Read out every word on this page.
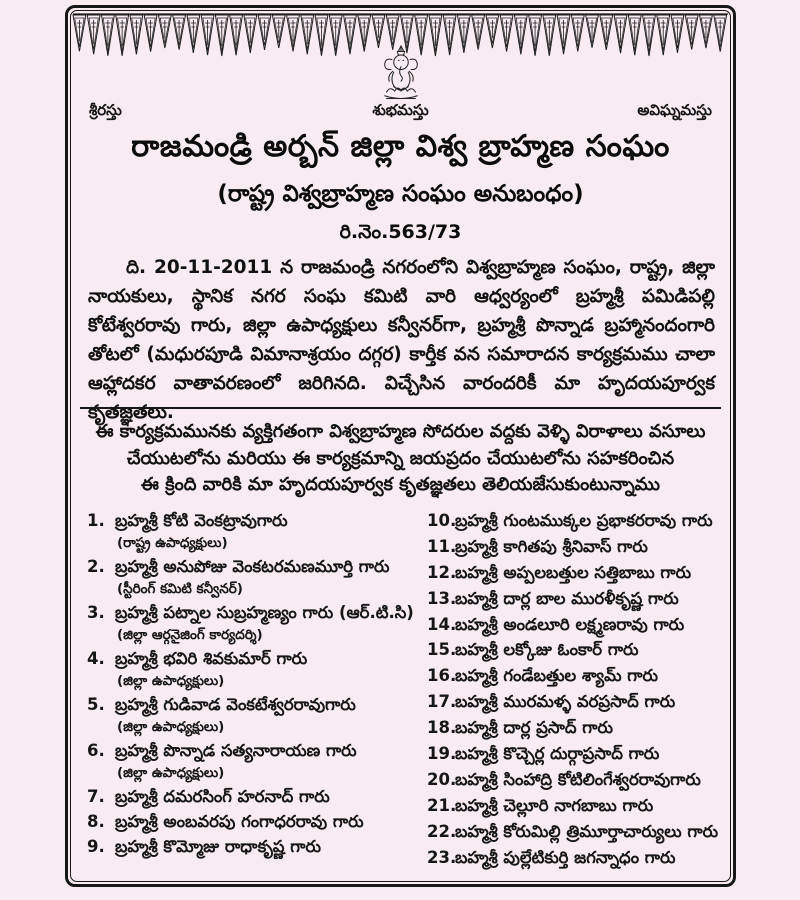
శ్రీరస్తు	శుభమస్తు	అవిఘ్నమస్తు
రాజమండ్రి అర్బన్ జిల్లా విశ్వ బ్రాహ్మణ సంఘం
(రాష్ట్ర విశ్వబ్రాహ్మణ సంఘం అనుబంధం)
రి.నెం.563/73
ది. 20-11-2011 న రాజమండ్రి నగరంలోని విశ్వబ్రాహ్మణ సంఘం, రాష్ట్ర, జిల్లా నాయకులు, స్థానిక నగర సంఘ కమిటి వారి ఆధ్వర్యంలో బ్రహ్మశ్రీ పమిడిపల్లి కోటేశ్వరరావు గారు, జిల్లా ఉపాధ్యక్షులు కన్వీనర్‌గా, బ్రహ్మశ్రీ పొన్నాడ బ్రహ్మానందంగారి తోటలో (మధురపూడి విమానాశ్రయం దగ్గర) కార్తీక వన సమారాదన కార్యక్రమము చాలా ఆహ్లాదకర వాతావరణంలో జరిగినది. విచ్చేసిన వారందరికీ మా హృదయపూర్వక కృతజ్ఞతలు.
ఈ కార్యక్రమమునకు వ్యక్తిగతంగా విశ్వబ్రాహ్మణ సోదరుల వద్దకు వెళ్ళి విరాళాలు వసూలు
చేయుటలోను మరియు ఈ కార్యక్రమాన్ని జయప్రదం చేయుటలోను సహకరించిన
ఈ క్రింది వారికి మా హృదయపూర్వక కృతజ్ఞతలు తెలియజేసుకుంటున్నాము
1. బ్రహ్మశ్రీ కోటి వెంకట్రావుగారు
(రాష్ట్ర ఉపాధ్యక్షులు)
2. బ్రహ్మశ్రీ అనుపోజు వెంకటరమణమూర్తి గారు
(స్టీరింగ్ కమిటి కన్వీనర్)
3. బ్రహ్మశ్రీ పట్నాల సుబ్రహ్మణ్యం గారు (ఆర్.టి.సి)
(జిల్లా ఆర్గనైజింగ్ కార్యదర్శి)
4. బ్రహ్మశ్రీ భవిరి శివకుమార్ గారు
(జిల్లా ఉపాధ్యక్షులు)
5. బ్రహ్మశ్రీ గుడివాడ వెంకటేశ్వరరావుగారు
(జిల్లా ఉపాధ్యక్షులు)
6. బ్రహ్మశ్రీ పొన్నాడ సత్యనారాయణ గారు
(జిల్లా ఉపాధ్యక్షులు)
7. బ్రహ్మశ్రీ దమరసింగ్ హరనాద్ గారు
8. బ్రహ్మశ్రీ అంబవరపు గంగాధరరావు గారు
9. బ్రహ్మశ్రీ కొమ్మోజు రాధాకృష్ణ గారు
10.
బ్రహ్మశ్రీ గుంటముక్కల ప్రభాకరరావు గారు
11.
బ్రహ్మశ్రీ కాగితపు శ్రీనివాస్ గారు
12.
బహ్మశ్రీ అప్పలబత్తుల సత్తిబాబు గారు
13.
బహ్మశ్రీ దార్ల బాల మురళీకృష్ణ గారు
14.
బహ్మశ్రీ అండలూరి లక్ష్మణరావు గారు
15.
బహ్మశ్రీ లక్కోజు ఓంకార్ గారు
16.
బహ్మశ్రీ గండేబత్తుల శ్యామ్ గారు
17.
బహ్మశ్రీ మురమళ్ళ వరప్రసాద్ గారు
18.
బహ్మశ్రీ దార్ల ప్రసాద్ గారు
19.
బహ్మశ్రీ కొచ్చెర్ల దుర్గాప్రసాద్ గారు
20.
బహ్మశ్రీ సింహాద్రి కోటిలింగేశ్వరరావుగారు
21.
బహ్మశ్రీ చెల్లూరి నాగబాబు గారు
22.
బహ్మశ్రీ కోరుమిల్లి త్రిమూర్తాచార్యులు గారు
23.
బహ్మశ్రీ పుల్లేటికుర్తి జగన్నాధం గారు
